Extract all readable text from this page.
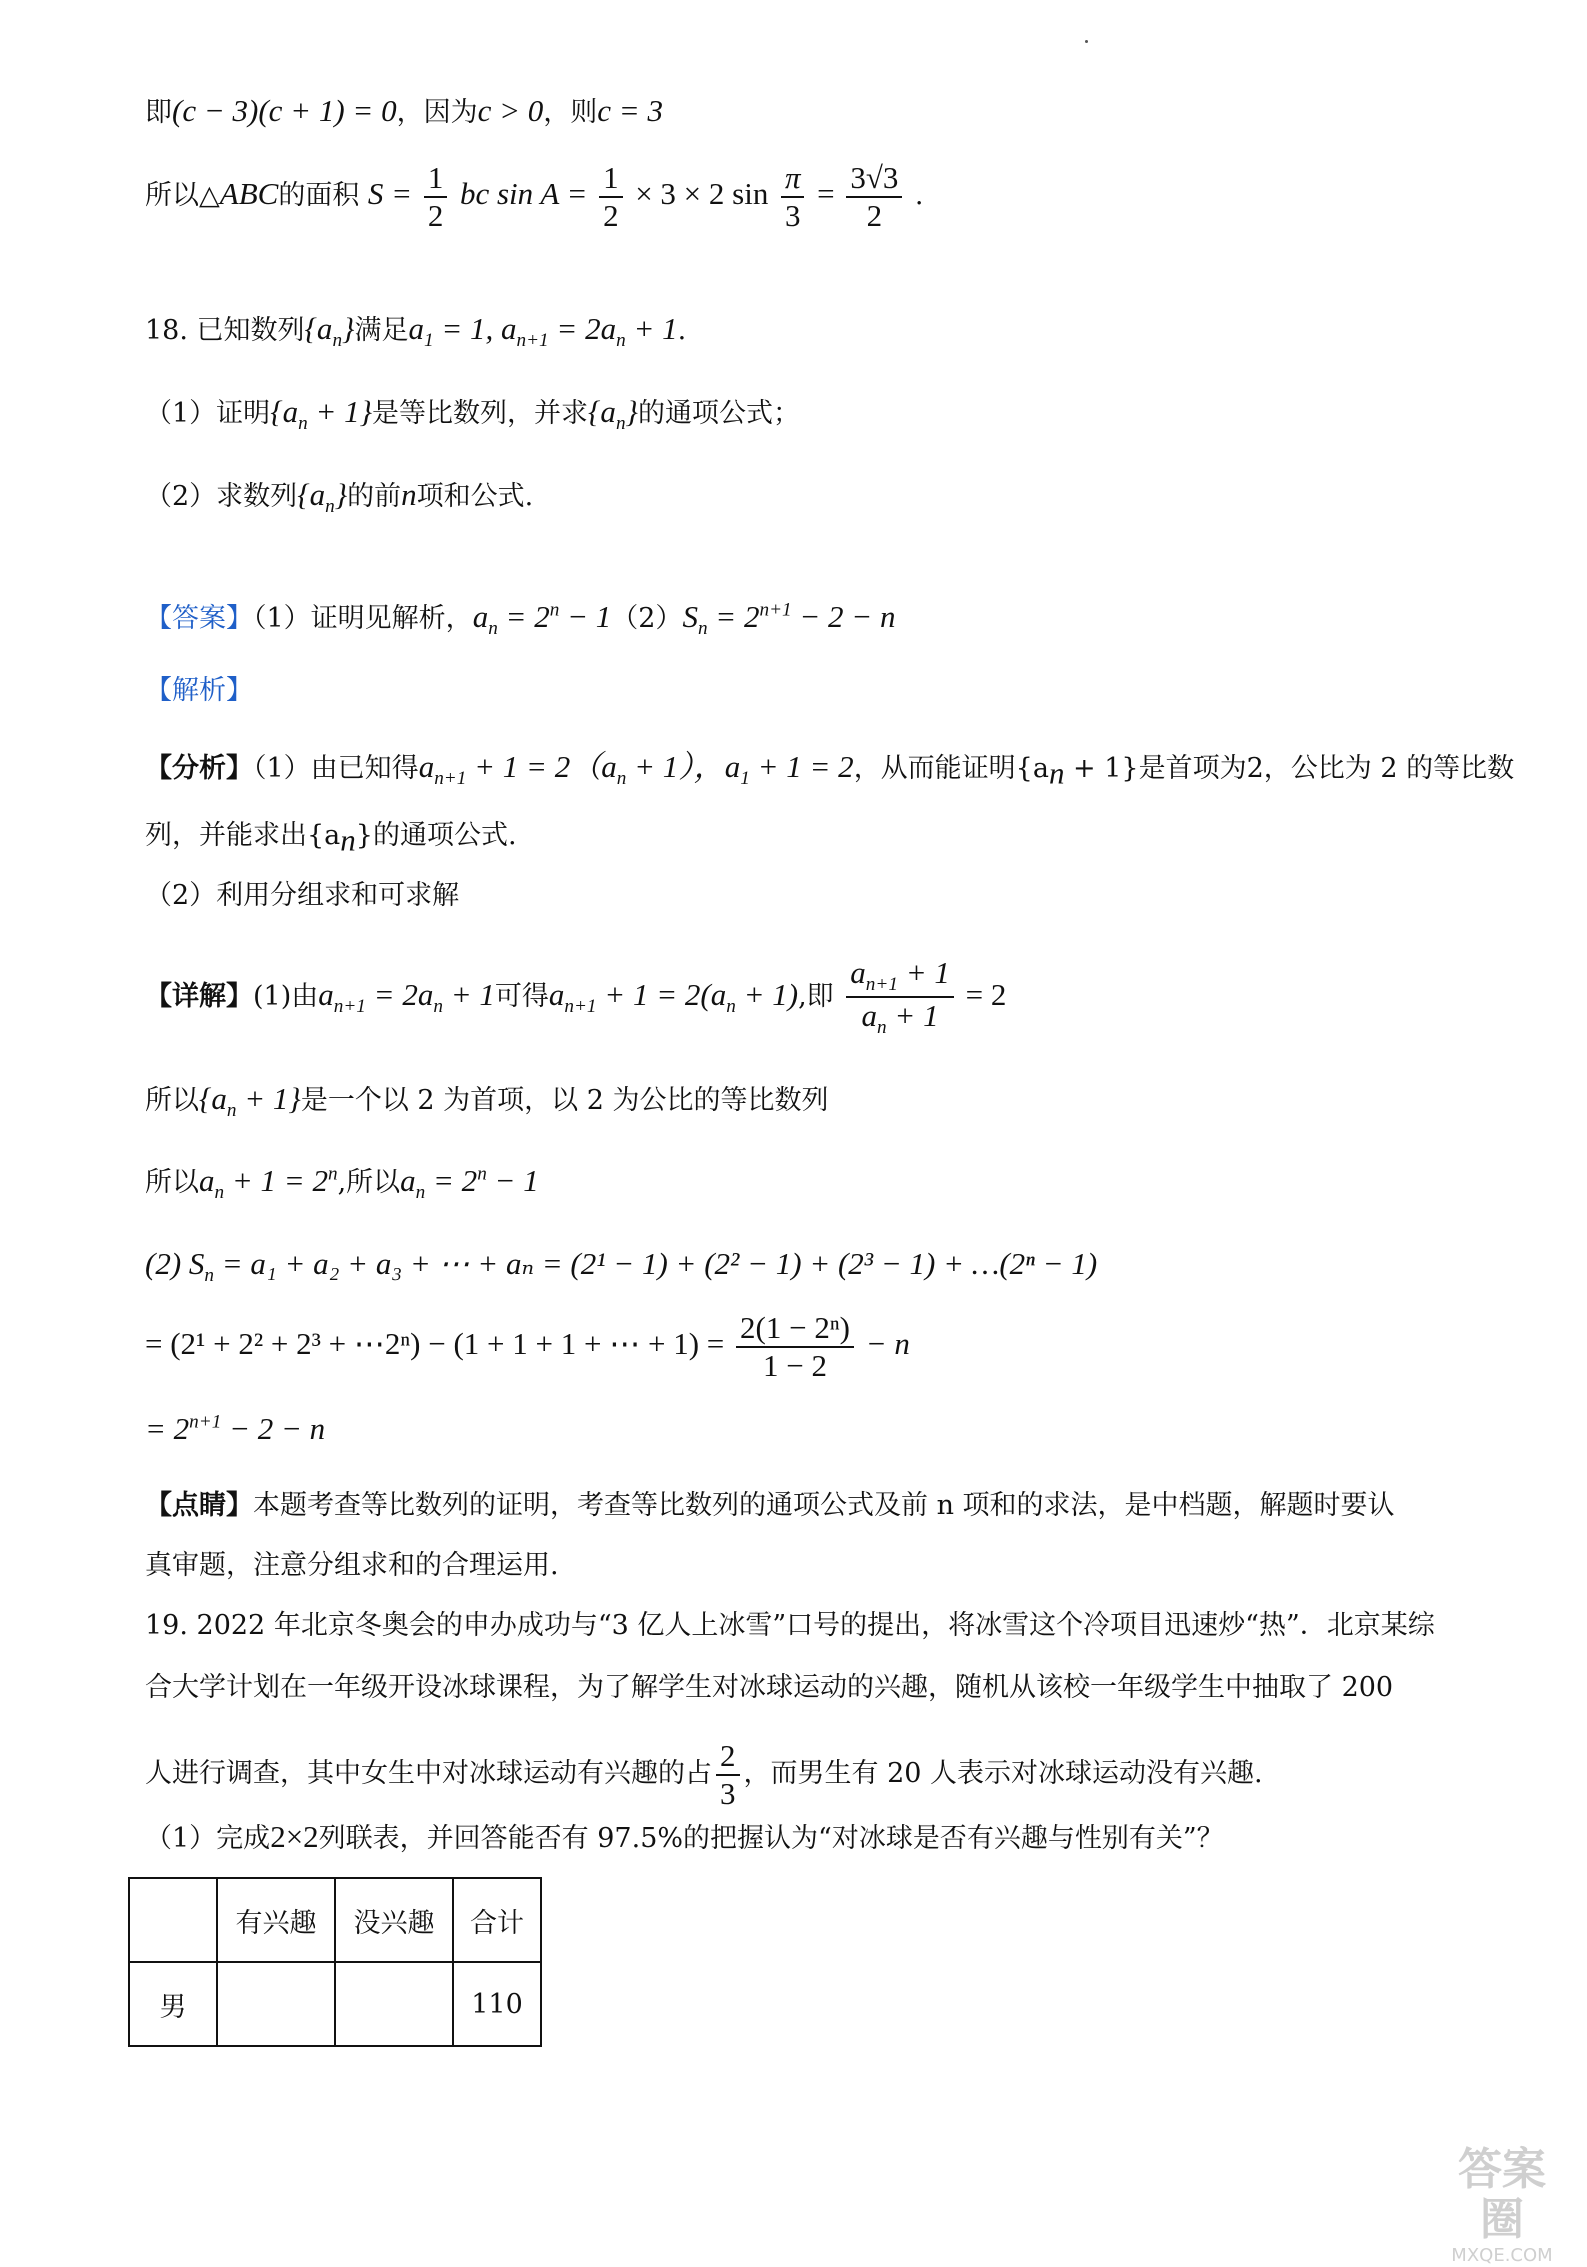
即(c − 3)(c + 1) = 0，因为c > 0，则c = 3
所以△ABC的面积 $S = \frac{1}{2}$ bc $\sin A = \frac{1}{2} \times 3 \times 2$ $\sin \frac{\pi}{3} = \frac{3√3}{2}$ .
18. 已知数列$\{a_n\}$满足$a_1 = 1$, $a_{n+1} = 2a_n + 1$.
（1）证明$\{a_n + 1\}$是等比数列，并求$\{a_n\}$的通项公式；
（2）求数列$\{a_n\}$的前n项和公式.
【答案】（1）证明见解析，$a_n = 2^n - 1(2)S_n = 2^{n+1} - 2 - n$
【解析】
【分析】（1）由已知得$a_{n+1} + 1 = 2(a_n + 1)$，$a_1 + 1 = 2$，从而能证明$\{a_n + 1\}$是首项为2，公比为 2 的等比数
列，并能求出$\{a_n\}$的通项公式.
（2）利用分组求和可求解
【详解】(1)由$a_{n+1} = 2a_n + 1$可得$a_{n+1} + 1 = 2(a_n + 1)$,即 $\frac{a_{n+1} + 1}{a_n + 1} = 2$
所以$\{a_n + 1\}$是一个以 2 为首项，以 2 为公比的等比数列
所以$a_n + 1 = 2^n$,所以$a_n = 2^n - 1$
(2) $S_n = a_1 + a_2 + a_3$ + ⋯ + aₙ = (2¹ − 1) + (2² − 1) + (2³ − 1) + …(2ⁿ − 1)
= (2¹ + 2² + 2³ + ⋯2ⁿ) − (1 + 1 + 1 + ⋯ + $1) = \frac{\text{2(1 − 2ⁿ)}}{1 - 2} - n$
= $2^{n+1} - 2 - n$
【点睛】本题考查等比数列的证明，考查等比数列的通项公式及前 n 项和的求法，是中档题，解题时要认
真审题，注意分组求和的合理运用.
19. 2022 年北京冬奥会的申办成功与“3 亿人上冰雪”口号的提出，将冰雪这个冷项目迅速炒“热”．北京某综
合大学计划在一年级开设冰球课程，为了解学生对冰球运动的兴趣，随机从该校一年级学生中抽取了 200
人进行调查，其中女生中对冰球运动有兴趣的占 $\frac{2}{3}$ ，而男生有 20 人表示对冰球运动没有兴趣.
（1）完成2×2列联表，并回答能否有 97.5%的把握认为“对冰球是否有兴趣与性别有关”？
	有兴趣	没兴趣	合计
男			110
答案圈
MXQE.COM
